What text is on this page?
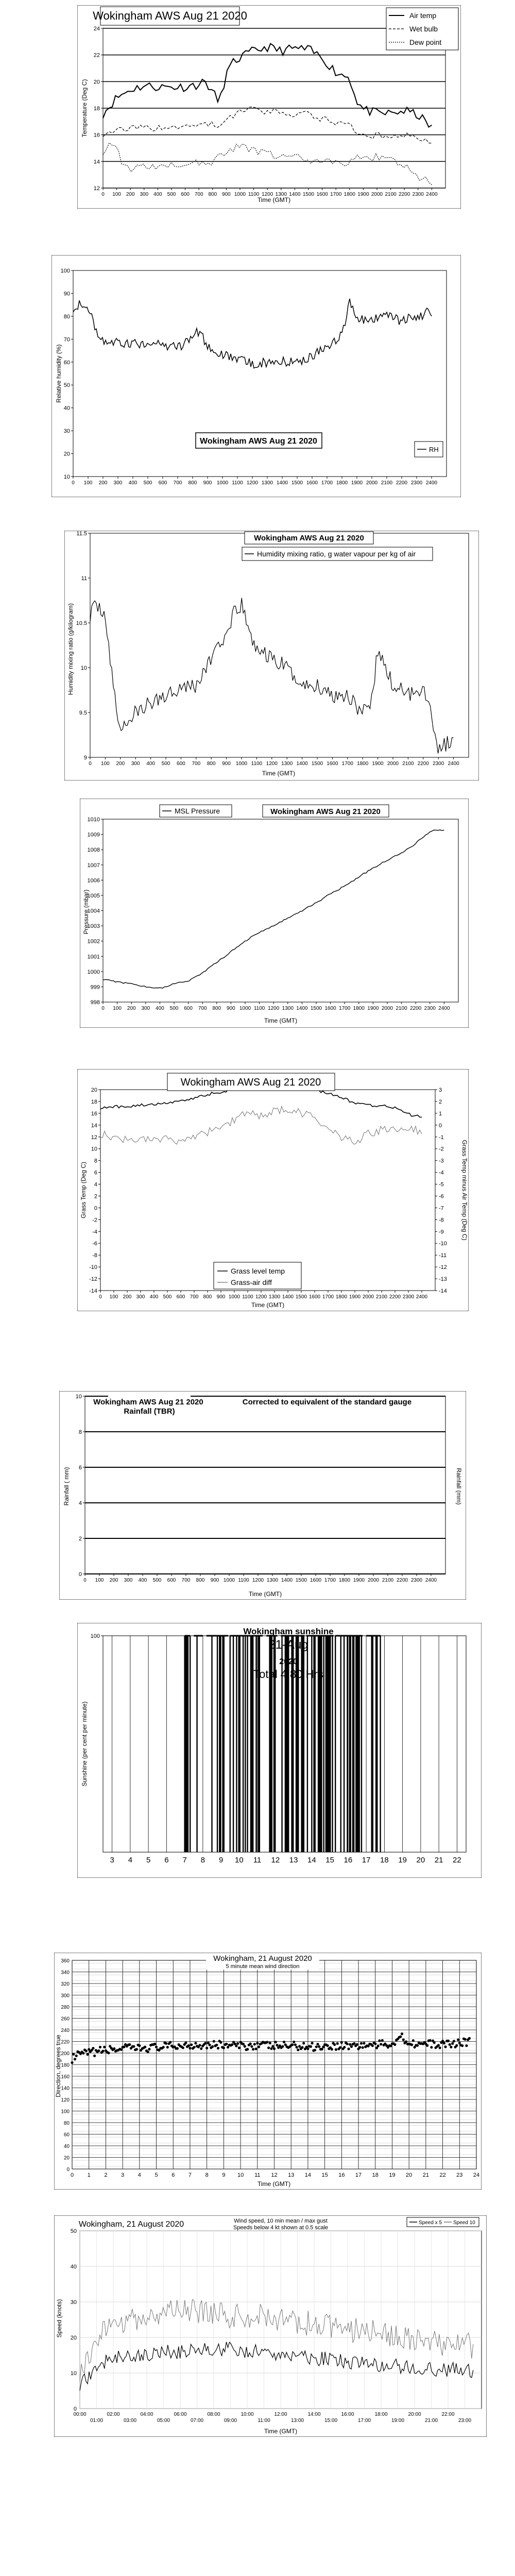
12
14
16
18
20
22
24
0 100 200 300 400 500 600 700 800 900 1000 1100 1200 1300 1400 1500 1600 1700 1800 1900 2000 2100 2200 2300 2400
Wokingham AWS Aug 21 2020
Time (GMT)
Temperature (Deg C)
Air temp
Wet bulb
Dew point
10
20
30
40
50
60
70
80
90
100
0 100 200 300 400 500 600 700 800 900 1000 1100 1200 1300 1400 1500 1600 1700 1800 1900 2000 2100 2200 2300 2400
Wokingham AWS Aug 21 2020
Relative humidity (%)
RH
9
9.5
10
10.5
11
11.5
0 100 200 300 400 500 600 700 800 900 1000 1100 1200 1300 1400 1500 1600 1700 1800 1900 2000 2100 2200 2300 2400
Wokingham AWS Aug 21 2020
Time (GMT)
Humidity mixing ratio (g/kilogram)
Humidity mixing ratio, g water vapour per kg of air
998
999
1000
1001
1002
1003
1004
1005
1006
1007
1008
1009
1010
0 100 200 300 400 500 600 700 800 900 1000 1100 1200 1300 1400 1500 1600 1700 1800 1900 2000 2100 2200 2300 2400
Wokingham AWS Aug 21 2020
Time (GMT)
Pressure (mbar)
MSL Pressure
-14
-12
-10
-8
-6
-4
-2
0
2
4
6
8
10
12
14
16
18
20
-14
-13
-12
-11
-10
-9
-8
-7
-6
-5
-4
-3
-2
-1
0
1
2
3
0 100 200 300 400 500 600 700 800 900 1000 1100 1200 1300 1400 1500 1600 1700 1800 1900 2000 2100 2200 2300 2400
Wokingham AWS Aug 21 2020
Time (GMT)
Grass Temp (Deg C)	Grass Temp minus Air Temp (Deg C)
Grass level temp
Grass-air diff
0
2
4
6
8
10
0 100 200 300 400 500 600 700 800 900 1000 1100 1200 1300 1400 1500 1600 1700 1800 1900 2000 2100 2200 2300 2400
Wokingham AWS Aug 21 2020 Rainfall (TBR)
Corrected to equivalent of the standard gauge
Time (GMT)
Rainfall ( mm)	Rainfall (mm)
100
3 4 5 6 7 8 9 10 11 12 13 14 15 16 17 18 19 20 21 22
Wokingham sunshine
21-Aug
2020
Total 4.80 Hrs
Sunshine (per cent per minute)
0
20
40
60
80
100
120
140
160
180
200
220
240
260
280
300
320
340
360
0 1 2 3 4 5 6 7 8 9 10 11 12 13 14 15 16 17 18 19 20 21 22 23 24
Wokingham, 21 August 2020
5 minute mean wind direction
Time (GMT)
Direction, degrees true
0
10
20
30
40
50
00:00
01:00
02:00
03:00
04:00
05:00
06:00
07:00
08:00
09:00
10:00
11:00
12:00
13:00
14:00
15:00
16:00
17:00
18:00
19:00
20:00
21:00
22:00
23:00
Wokingham, 21 August 2020	Wind speed, 10 min mean / max gust
Speeds below 4 kt shown at 0.5 scale
Time (GMT)
Speed (knots)
Speed x 5 Speed 10
